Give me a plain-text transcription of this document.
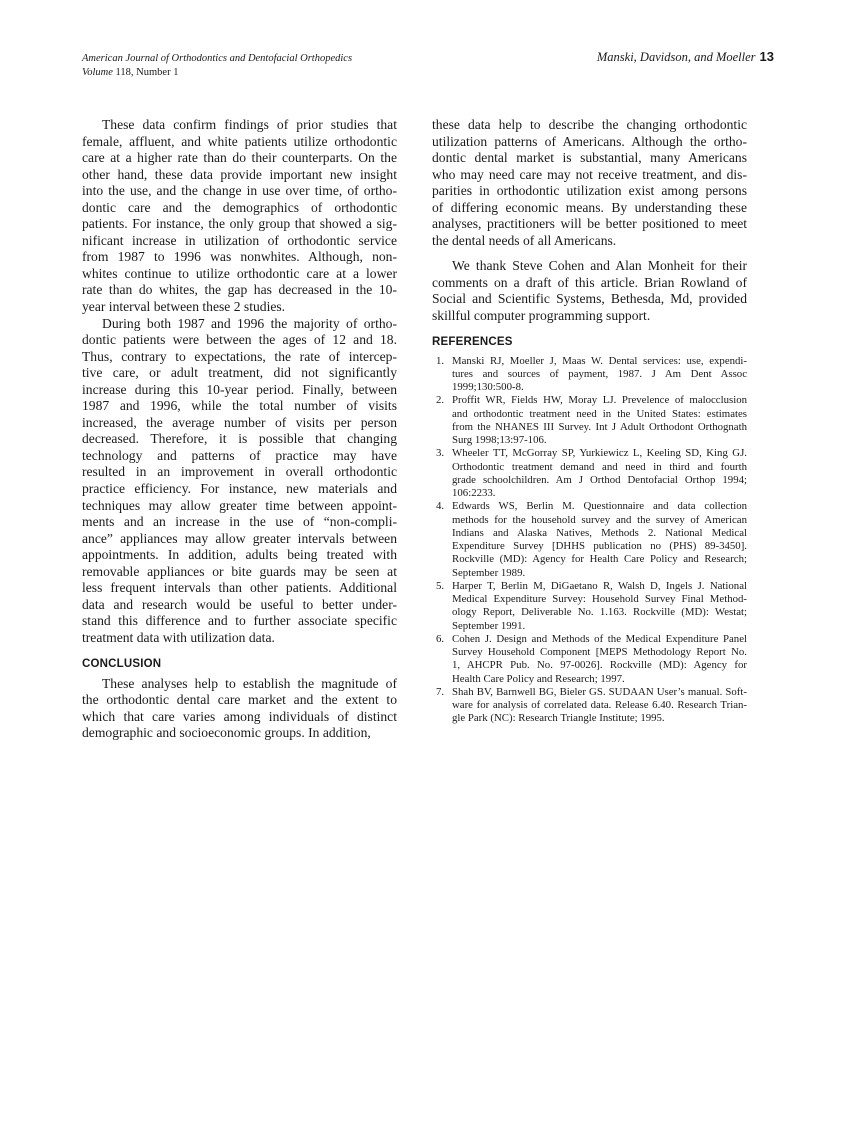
American Journal of Orthodontics and Dentofacial Orthopedics
Volume 118, Number 1
Manski, Davidson, and Moeller 13
These data confirm findings of prior studies that
female, affluent, and white patients utilize orthodontic
care at a higher rate than do their counterparts. On the
other hand, these data provide important new insight
into the use, and the change in use over time, of ortho-
dontic care and the demographics of orthodontic
patients. For instance, the only group that showed a sig-
nificant increase in utilization of orthodontic service
from 1987 to 1996 was nonwhites. Although, non-
whites continue to utilize orthodontic care at a lower
rate than do whites, the gap has decreased in the 10-
year interval between these 2 studies.
During both 1987 and 1996 the majority of ortho-
dontic patients were between the ages of 12 and 18.
Thus, contrary to expectations, the rate of intercep-
tive care, or adult treatment, did not significantly
increase during this 10-year period. Finally, between
1987 and 1996, while the total number of visits
increased, the average number of visits per person
decreased. Therefore, it is possible that changing
technology and patterns of practice may have
resulted in an improvement in overall orthodontic
practice efficiency. For instance, new materials and
techniques may allow greater time between appoint-
ments and an increase in the use of “non-compli-
ance” appliances may allow greater intervals between
appointments. In addition, adults being treated with
removable appliances or bite guards may be seen at
less frequent intervals than other patients. Additional
data and research would be useful to better under-
stand this difference and to further associate specific
treatment data with utilization data.
CONCLUSION
These analyses help to establish the magnitude of
the orthodontic dental care market and the extent to
which that care varies among individuals of distinct
demographic and socioeconomic groups. In addition,
these data help to describe the changing orthodontic
utilization patterns of Americans. Although the ortho-
dontic dental market is substantial, many Americans
who may need care may not receive treatment, and dis-
parities in orthodontic utilization exist among persons
of differing economic means. By understanding these
analyses, practitioners will be better positioned to meet
the dental needs of all Americans.
We thank Steve Cohen and Alan Monheit for their
comments on a draft of this article. Brian Rowland of
Social and Scientific Systems, Bethesda, Md, provided
skillful computer programming support.
REFERENCES
1. Manski RJ, Moeller J, Maas W. Dental services: use, expendi-
tures and sources of payment, 1987. J Am Dent Assoc
1999;130:500-8.
2. Proffit WR, Fields HW, Moray LJ. Prevelence of malocclusion
and orthodontic treatment need in the United States: estimates
from the NHANES III Survey. Int J Adult Orthodont Orthognath
Surg 1998;13:97-106.
3. Wheeler TT, McGorray SP, Yurkiewicz L, Keeling SD, King GJ.
Orthodontic treatment demand and need in third and fourth
grade schoolchildren. Am J Orthod Dentofacial Orthop 1994;
106:2233.
4. Edwards WS, Berlin M. Questionnaire and data collection
methods for the household survey and the survey of American
Indians and Alaska Natives, Methods 2. National Medical
Expenditure Survey [DHHS publication no (PHS) 89-3450].
Rockville (MD): Agency for Health Care Policy and Research;
September 1989.
5. Harper T, Berlin M, DiGaetano R, Walsh D, Ingels J. National
Medical Expenditure Survey: Household Survey Final Method-
ology Report, Deliverable No. 1.163. Rockville (MD): Westat;
September 1991.
6. Cohen J. Design and Methods of the Medical Expenditure Panel
Survey Household Component [MEPS Methodology Report No.
1, AHCPR Pub. No. 97-0026]. Rockville (MD): Agency for
Health Care Policy and Research; 1997.
7. Shah BV, Barnwell BG, Bieler GS. SUDAAN User’s manual. Soft-
ware for analysis of correlated data. Release 6.40. Research Trian-
gle Park (NC): Research Triangle Institute; 1995.
